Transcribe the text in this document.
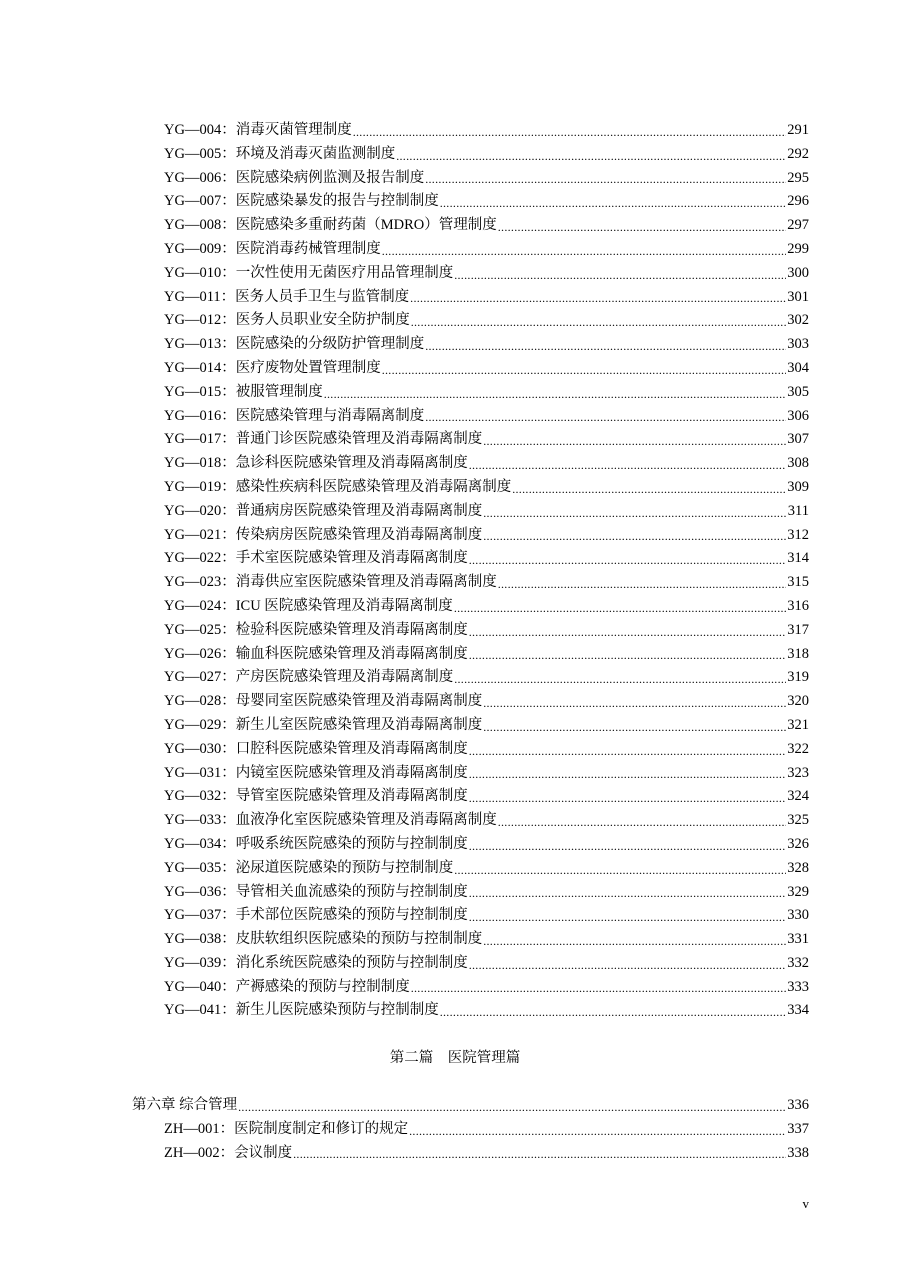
YG—004： 消毒灭菌管理制度 .....	291
YG—005： 环境及消毒灭菌监测制度 .....	292
YG—006： 医院感染病例监测及报告制度 .....	295
YG—007： 医院感染暴发的报告与控制制度 .....	296
YG—008： 医院感染多重耐药菌（MDRO）管理制度 .....	297
YG—009： 医院消毒药械管理制度 .....	299
YG—010： 一次性使用无菌医疗用品管理制度 .....	300
YG—011： 医务人员手卫生与监管制度 .....	301
YG—012： 医务人员职业安全防护制度 .....	302
YG—013： 医院感染的分级防护管理制度 .....	303
YG—014： 医疗废物处置管理制度 .....	304
YG—015： 被服管理制度 .....	305
YG—016： 医院感染管理与消毒隔离制度 .....	306
YG—017： 普通门诊医院感染管理及消毒隔离制度 .....	307
YG—018： 急诊科医院感染管理及消毒隔离制度 .....	308
YG—019： 感染性疾病科医院感染管理及消毒隔离制度 .....	309
YG—020： 普通病房医院感染管理及消毒隔离制度 .....	311
YG—021： 传染病房医院感染管理及消毒隔离制度 .....	312
YG—022： 手术室医院感染管理及消毒隔离制度 .....	314
YG—023： 消毒供应室医院感染管理及消毒隔离制度 .....	315
YG—024： ICU 医院感染管理及消毒隔离制度 .....	316
YG—025： 检验科医院感染管理及消毒隔离制度 .....	317
YG—026： 输血科医院感染管理及消毒隔离制度 .....	318
YG—027： 产房医院感染管理及消毒隔离制度 .....	319
YG—028： 母婴同室医院感染管理及消毒隔离制度 .....	320
YG—029： 新生儿室医院感染管理及消毒隔离制度 .....	321
YG—030： 口腔科医院感染管理及消毒隔离制度 .....	322
YG—031： 内镜室医院感染管理及消毒隔离制度 .....	323
YG—032： 导管室医院感染管理及消毒隔离制度 .....	324
YG—033： 血液净化室医院感染管理及消毒隔离制度 .....	325
YG—034： 呼吸系统医院感染的预防与控制制度 .....	326
YG—035： 泌尿道医院感染的预防与控制制度 .....	328
YG—036： 导管相关血流感染的预防与控制制度 .....	329
YG—037： 手术部位医院感染的预防与控制制度 .....	330
YG—038： 皮肤软组织医院感染的预防与控制制度 .....	331
YG—039： 消化系统医院感染的预防与控制制度 .....	332
YG—040： 产褥感染的预防与控制制度 .....	333
YG—041： 新生儿医院感染预防与控制制度 .....	334
第二篇　医院管理篇
第六章 综合管理 .....	336
ZH—001： 医院制度制定和修订的规定 .....	337
ZH—002： 会议制度 .....	338
v
